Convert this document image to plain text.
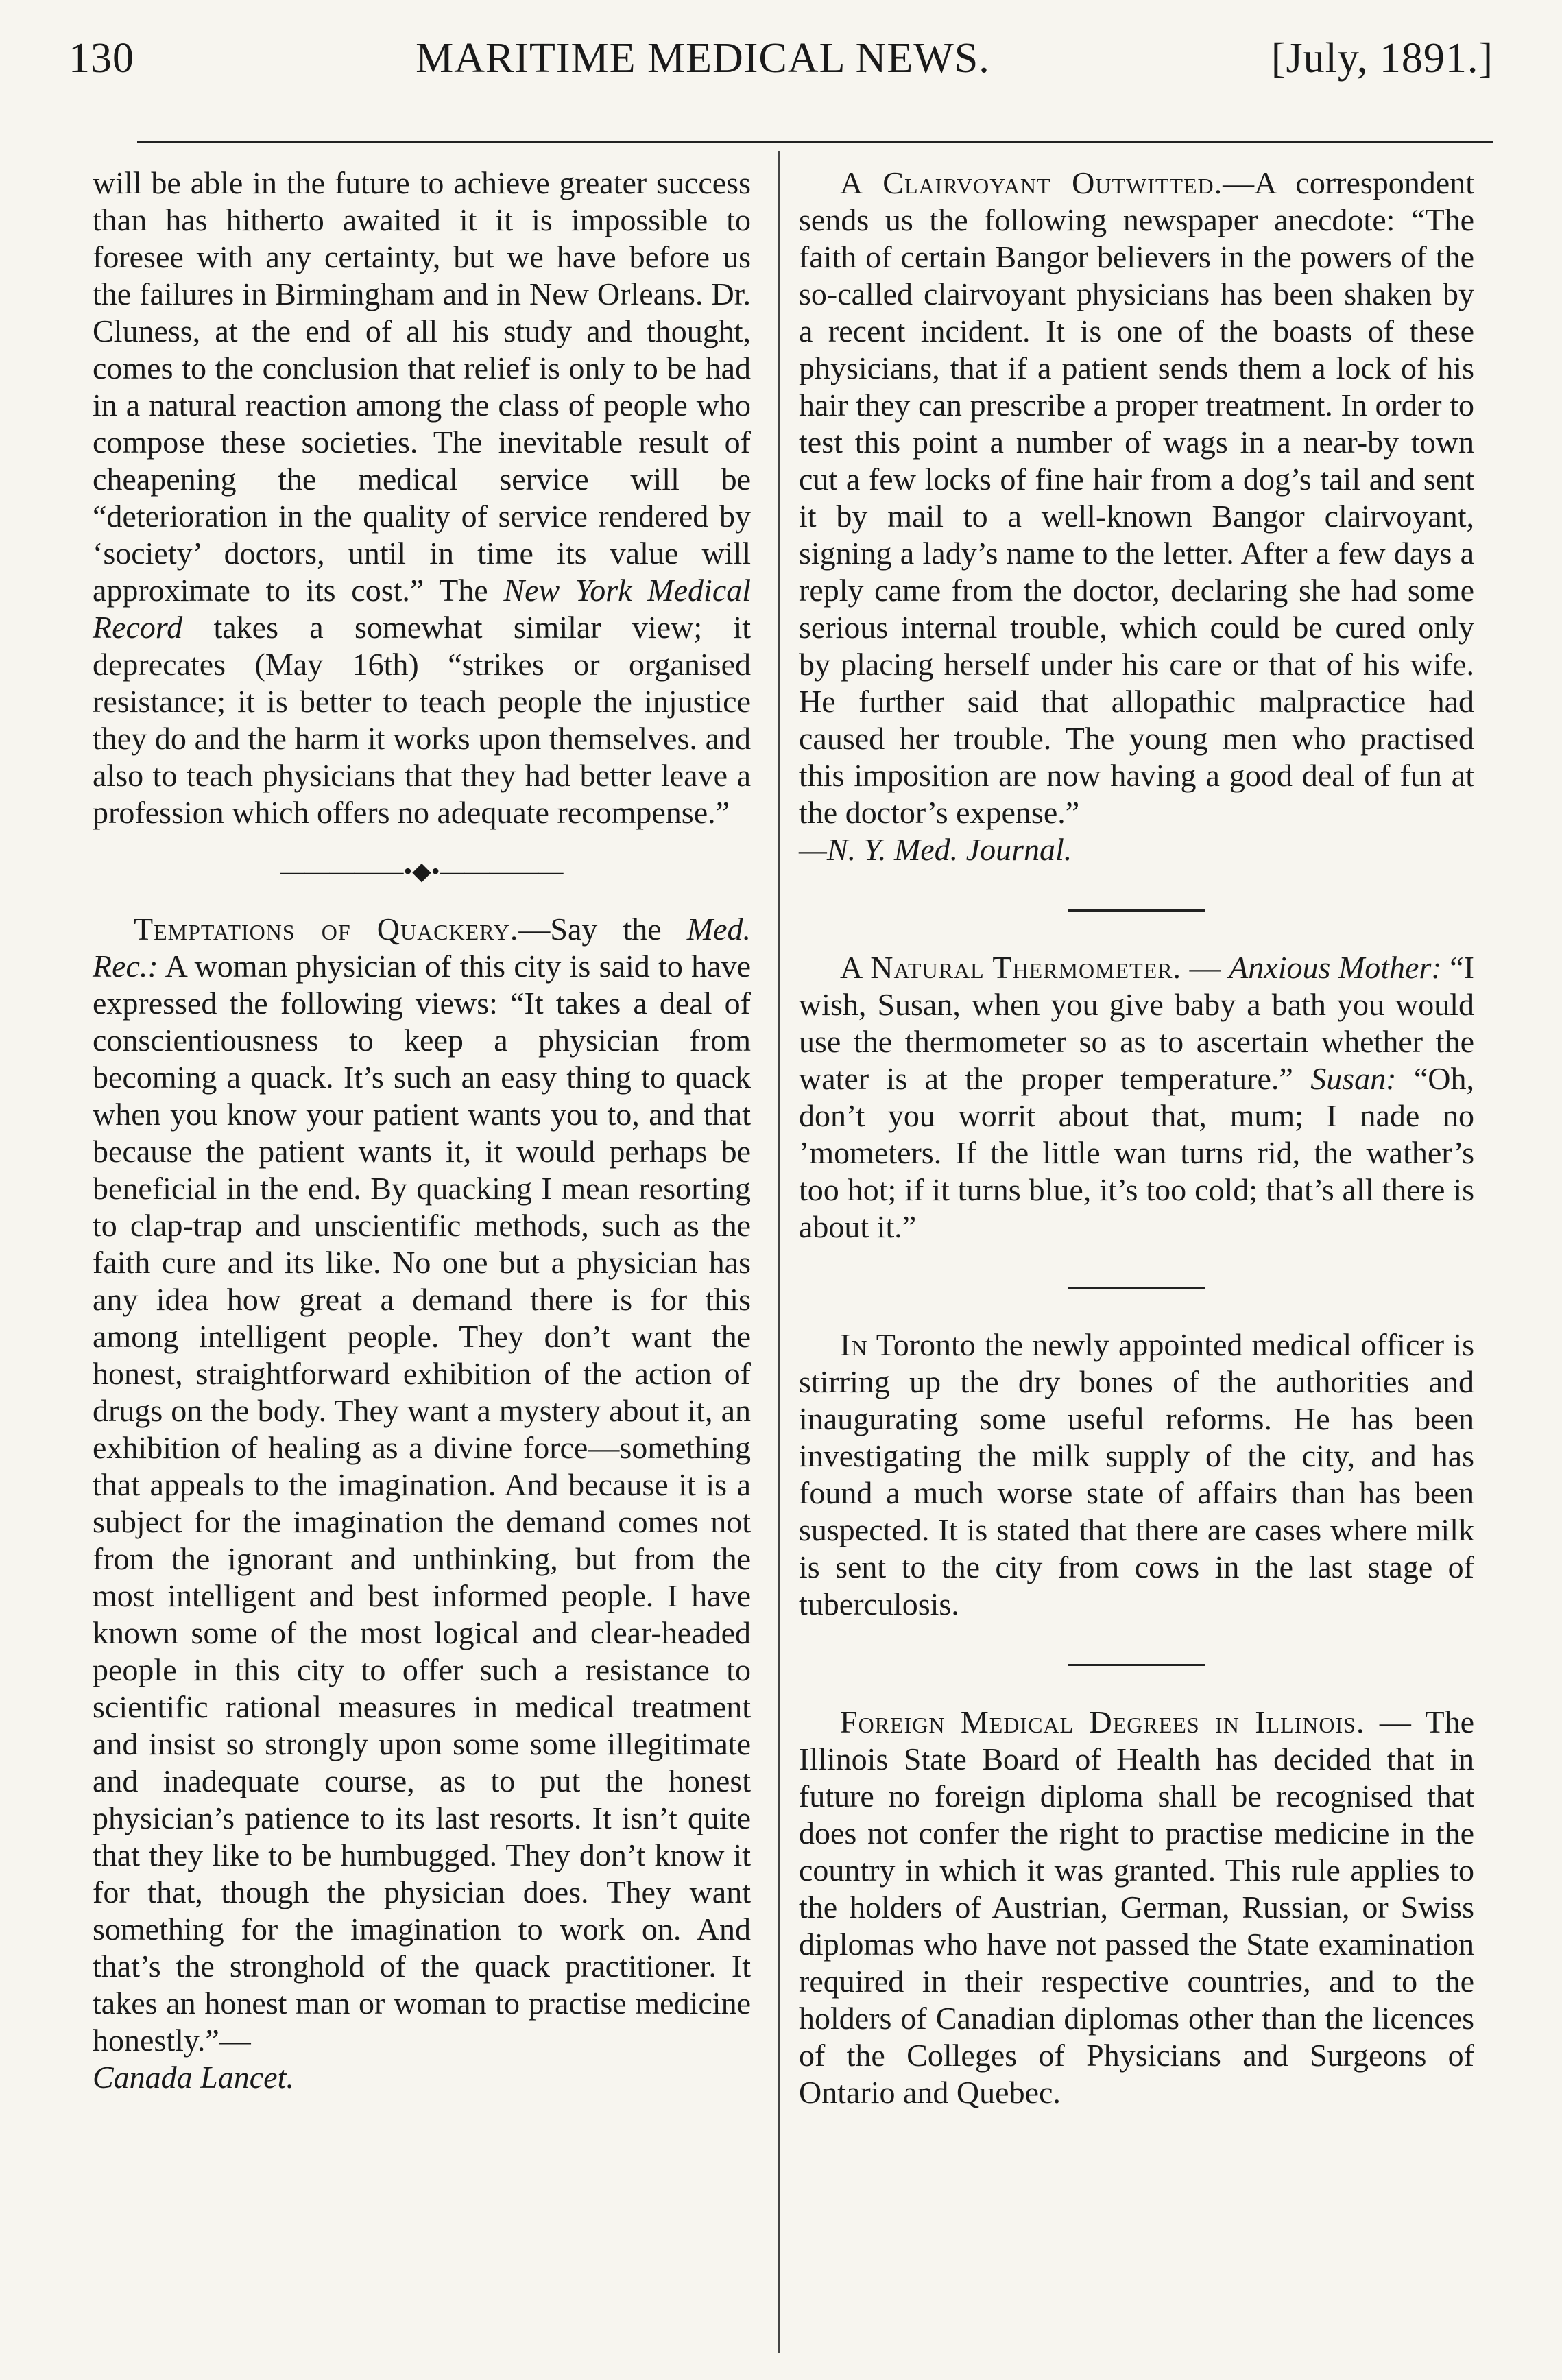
130	MARITIME MEDICAL NEWS.	[July, 1891.]

will be able in the future to achieve greater success than has hitherto awaited it it is impossible to foresee with any certainty, but we have before us the failures in Birmingham and in New Orleans. Dr. Cluness, at the end of all his study and thought, comes to the conclusion that relief is only to be had in a natural reaction among the class of people who compose these societies. The inevitable result of cheapening the medical service will be “deterioration in the quality of service rendered by ‘society’ doctors, until in time its value will approximate to its cost.” The New York Medical Record takes a somewhat similar view; it deprecates (May 16th) “strikes or organised resistance; it is better to teach people the injustice they do and the harm it works upon themselves. and also to teach physicians that they had better leave a profession which offers no adequate recompense.”

—————•◆•—————

Temptations of Quackery.—Say the Med. Rec.: A woman physician of this city is said to have expressed the following views: “It takes a deal of conscientiousness to keep a physician from becoming a quack. It’s such an easy thing to quack when you know your patient wants you to, and that because the patient wants it, it would perhaps be beneficial in the end. By quacking I mean resorting to clap-trap and unscientific methods, such as the faith cure and its like. No one but a physician has any idea how great a demand there is for this among intelligent people. They don’t want the honest, straightforward exhibition of the action of drugs on the body. They want a mystery about it, an exhibition of healing as a divine force—something that appeals to the imagination. And because it is a subject for the imagination the demand comes not from the ignorant and unthinking, but from the most intelligent and best informed people. I have known some of the most logical and clear-headed people in this city to offer such a resistance to scientific rational measures in medical treatment and insist so strongly upon some some illegitimate and inadequate course, as to put the honest physician’s patience to its last resorts. It isn’t quite that they like to be humbugged. They don’t know it for that, though the physician does. They want something for the imagination to work on. And that’s the stronghold of the quack practitioner. It takes an honest man or woman to practise medicine honestly.”—
Canada Lancet.

A Clairvoyant Outwitted.—A correspondent sends us the following newspaper anecdote: “The faith of certain Bangor believers in the powers of the so-called clairvoyant physicians has been shaken by a recent incident. It is one of the boasts of these physicians, that if a patient sends them a lock of his hair they can prescribe a proper treatment. In order to test this point a number of wags in a near-by town cut a few locks of fine hair from a dog’s tail and sent it by mail to a well-known Bangor clairvoyant, signing a lady’s name to the letter. After a few days a reply came from the doctor, declaring she had some serious internal trouble, which could be cured only by placing herself under his care or that of his wife. He further said that allopathic malpractice had caused her trouble. The young men who practised this imposition are now having a good deal of fun at the doctor’s expense.”
—N. Y. Med. Journal.

A Natural Thermometer. — Anxious Mother: “I wish, Susan, when you give baby a bath you would use the thermometer so as to ascertain whether the water is at the proper temperature.” Susan: “Oh, don’t you worrit about that, mum; I nade no ’mometers. If the little wan turns rid, the wather’s too hot; if it turns blue, it’s too cold; that’s all there is about it.”

In Toronto the newly appointed medical officer is stirring up the dry bones of the authorities and inaugurating some useful reforms. He has been investigating the milk supply of the city, and has found a much worse state of affairs than has been suspected. It is stated that there are cases where milk is sent to the city from cows in the last stage of tuberculosis.

Foreign Medical Degrees in Illinois. — The Illinois State Board of Health has decided that in future no foreign diploma shall be recognised that does not confer the right to practise medicine in the country in which it was granted. This rule applies to the holders of Austrian, German, Russian, or Swiss diplomas who have not passed the State examination required in their respective countries, and to the holders of Canadian diplomas other than the licences of the Colleges of Physicians and Surgeons of Ontario and Quebec.
